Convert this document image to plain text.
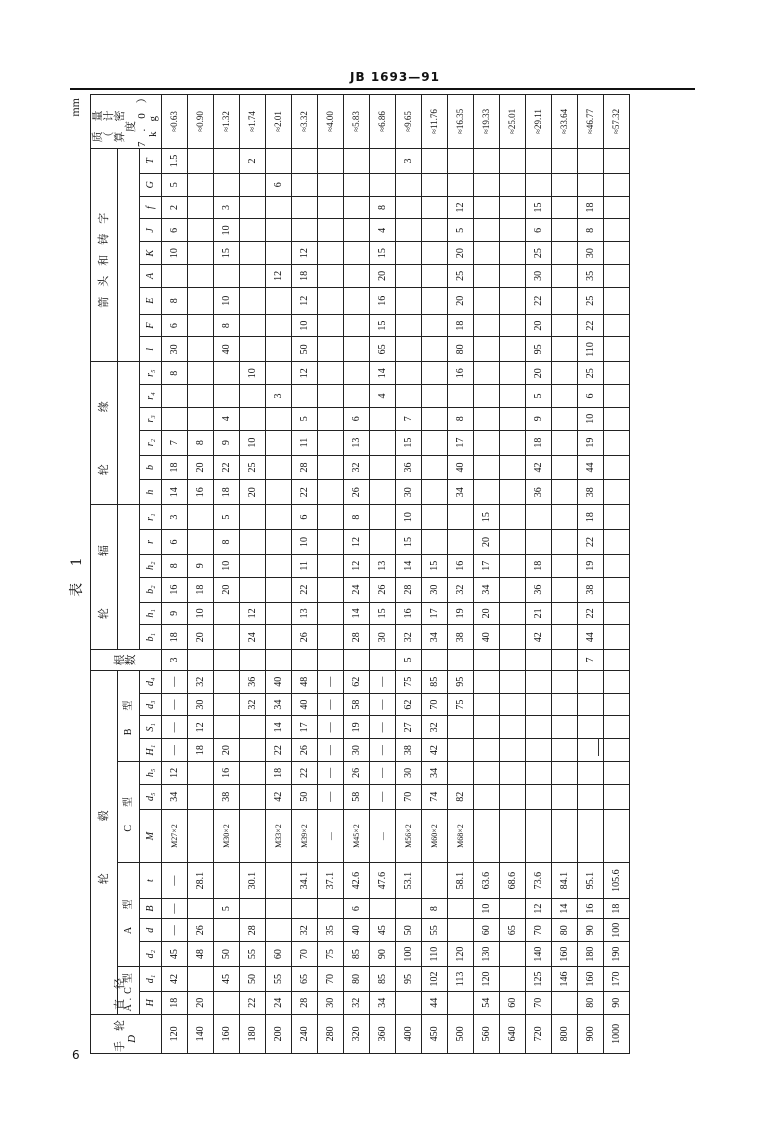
JB 1693—91
表 1
mm
手轮直径
D	轮　　毂													根数	轮　　辐						轮　　缘						箭头和铸字									质量（计算密度7.0）
kg
	A.C型		A　型				C　型			B　型																										
	H	d₁	d₂	d	B	t	M	d₅	h₅	H₁	S₁	d₃	d₄		b₁	h₁	b₂	h₂	r	r₁	h	b	r₂	r₃	r₄	r₅	l	F	E	A	K	J	f	G	T	
120	18	42	45	—	—	—	M27×2	34	12	—	—	—	—	3	18	9	16	8	6	3	14	18	7			8	30	6	8		10	6	2	5	1.5	≈0.63
140	20		48	26		28.1				18	12	30	32		20	10	18	9			16	20	8													≈0.90
160		45	50		5		M30×2	38	16	20							20	10	8	5	18	22	9	4			40	8	10		15	10	3			≈1.32
180	22	50	55	28		30.1						32	36		24	12					20	25	10			10									2	≈1.74
200	24	55	60				M33×2	42	18	22	14	34	40												3					12				6		≈2.01
240	28	65	70	32		34.1	M39×2	50	22	26	17	40	48		26	13	22	11	10	6	22	28	11	5		12	50	10	12	18	12					≈3.32
280	30	70	75	35		37.1	—	—	—	—	—	—	—																							≈4.00
320	32	80	85	40	6	42.6	M45×2	58	26	30	19	58	62		28	14	24	12	12	8	26	32	13	6												≈5.83
360	34	85	90	45		47.6	—	—	—	—	—	—	—		30	15	26	13							4	14	65	15	16	20	15	4	8			≈6.86
400		95	100	50		53.1	M56×2	70	30	38	27	62	75	5	32	16	28	14	15	10	30	36	15	7											3	≈9.65
450	44	102	110	55	8		M60×2	74	34	42	32	70	85		34	17	30	15																		≈11.76
500		113	120			58.1	M68×2	82				75	95		38	19	32	16			34	40	17	8		16	80	18	20	25	20	5	12			≈16.35
560	54	120	130	60	10	63.6									40	20	34	17	20	15																≈19.33
640	60			65		68.6																														≈25.01
720	70	125	140	70	12	73.6									42	21	36	18			36	42	18	9	5	20	95	20	22	30	25	6	15			≈29.11
800		146	160	80	14	84.1																														≈33.64
900	80	160	180	90	16	95.1								7	44	22	38	19	22	18	38	44	19	10	6	25	110	22	25	35	30	8	18			≈46.77
1000	90	170	190	100	18	105.6																														≈57.32
6
